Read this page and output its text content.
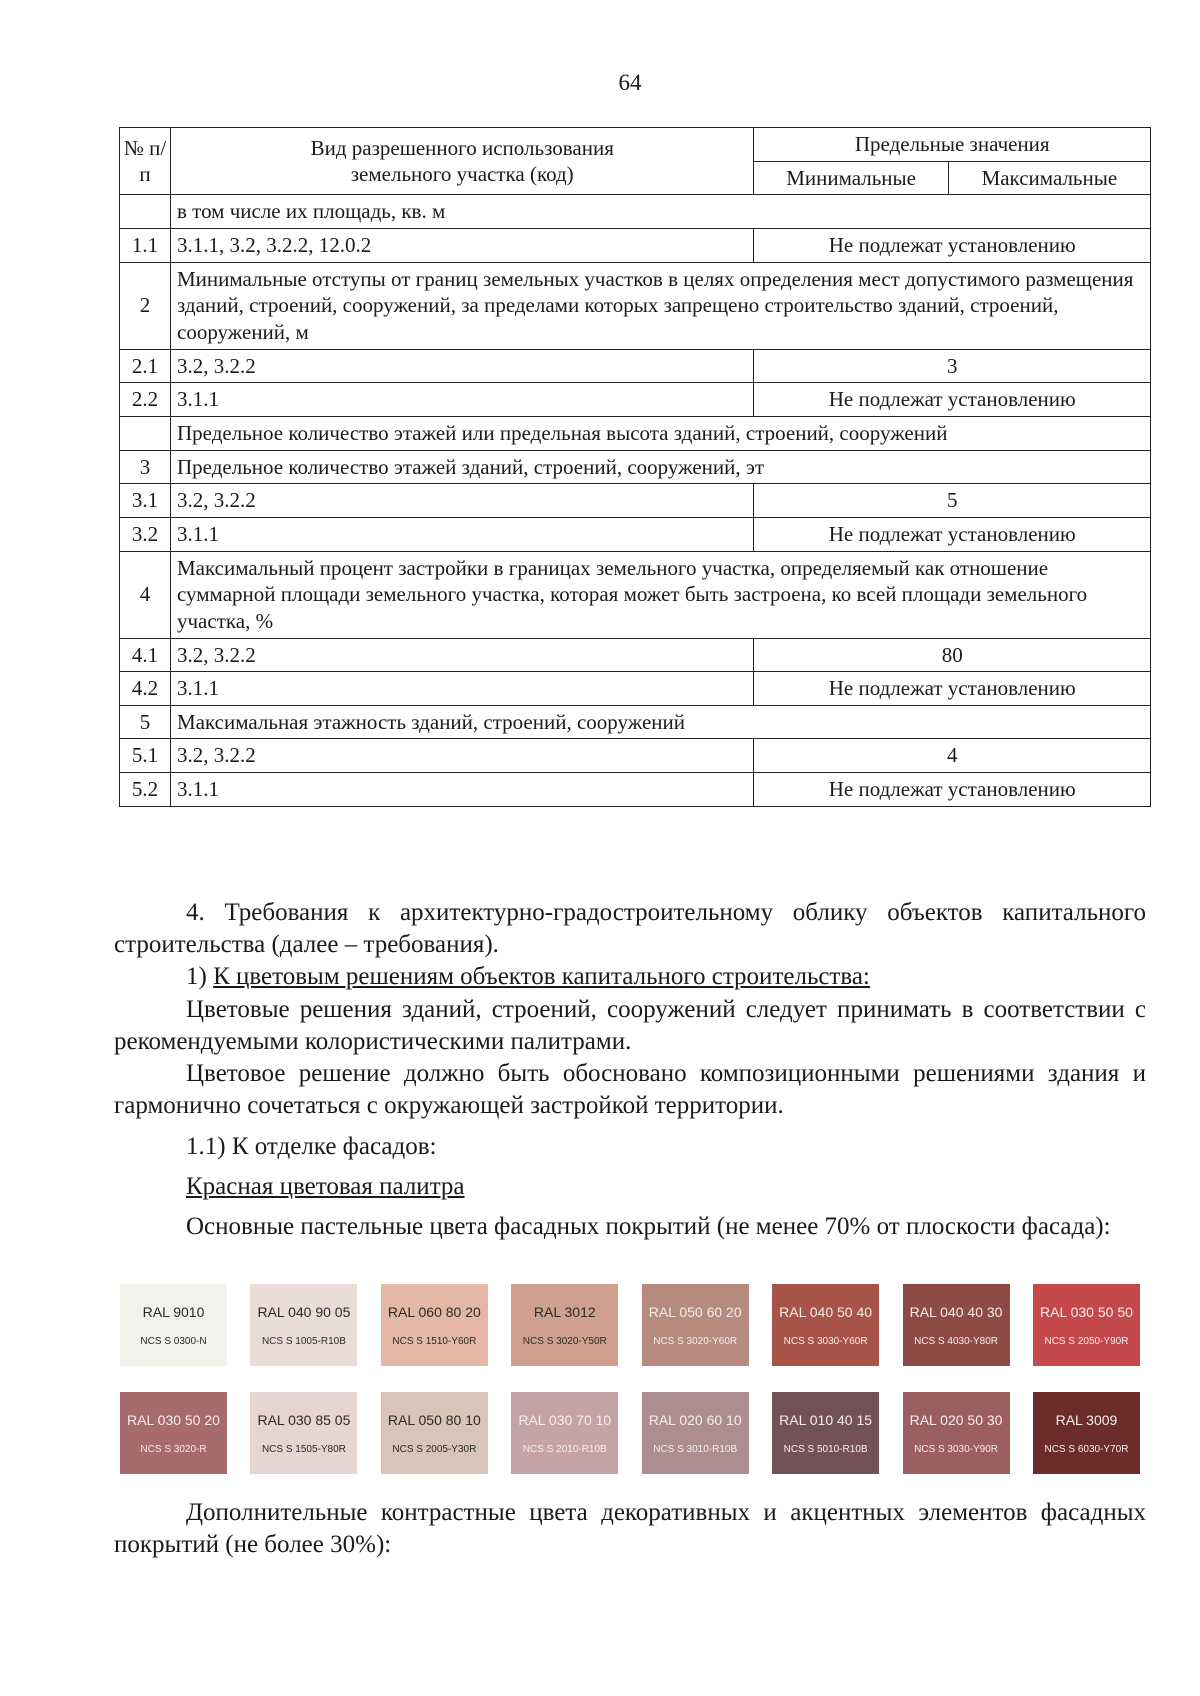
64
№ п/п	Вид разрешенного использования земельного участка (код)	Предельные значения	
		Минимальные	Максимальные
	в том числе их площадь, кв. м		
1.1	3.1.1, 3.2, 3.2.2, 12.0.2	Не подлежат установлению	
2	Минимальные отступы от границ земельных участков в целях определения мест допустимого размещения зданий, строений, сооружений, за пределами которых запрещено строительство зданий, строений, сооружений, м		
2.1	3.2, 3.2.2	3	
2.2	3.1.1	Не подлежат установлению	
	Предельное количество этажей или предельная высота зданий, строений, сооружений		
3	Предельное количество этажей зданий, строений, сооружений, эт		
3.1	3.2, 3.2.2	5	
3.2	3.1.1	Не подлежат установлению	
4	Максимальный процент застройки в границах земельного участка, определяемый как отношение суммарной площади земельного участка, которая может быть застроена, ко всей площади земельного участка, %		
4.1	3.2, 3.2.2	80	
4.2	3.1.1	Не подлежат установлению	
5	Максимальная этажность зданий, строений, сооружений		
5.1	3.2, 3.2.2	4	
5.2	3.1.1	Не подлежат установлению	
4. Требования к архитектурно-градостроительному облику объектов капитального строительства (далее – требования).
1) К цветовым решениям объектов капитального строительства:
Цветовые решения зданий, строений, сооружений следует принимать в соответствии с рекомендуемыми колористическими палитрами.
Цветовое решение должно быть обосновано композиционными решениями здания и гармонично сочетаться с окружающей застройкой территории.
1.1) К отделке фасадов:
Красная цветовая палитра
Основные пастельные цвета фасадных покрытий (не менее 70% от плоскости фасада):
RAL 9010
NCS S 0300-N
RAL 040 90 05
NCS S 1005-R10B
RAL 060 80 20
NCS S 1510-Y60R
RAL 3012
NCS S 3020-Y50R
RAL 050 60 20
NCS S 3020-Y60R
RAL 040 50 40
NCS S 3030-Y60R
RAL 040 40 30
NCS S 4030-Y80R
RAL 030 50 50
NCS S 2050-Y90R
RAL 030 50 20
NCS S 3020-R
RAL 030 85 05
NCS S 1505-Y80R
RAL 050 80 10
NCS S 2005-Y30R
RAL 030 70 10
NCS S 2010-R10B
RAL 020 60 10
NCS S 3010-R10B
RAL 010 40 15
NCS S 5010-R10B
RAL 020 50 30
NCS S 3030-Y90R
RAL 3009
NCS S 6030-Y70R
Дополнительные контрастные цвета декоративных и акцентных элементов фасадных покрытий (не более 30%):
